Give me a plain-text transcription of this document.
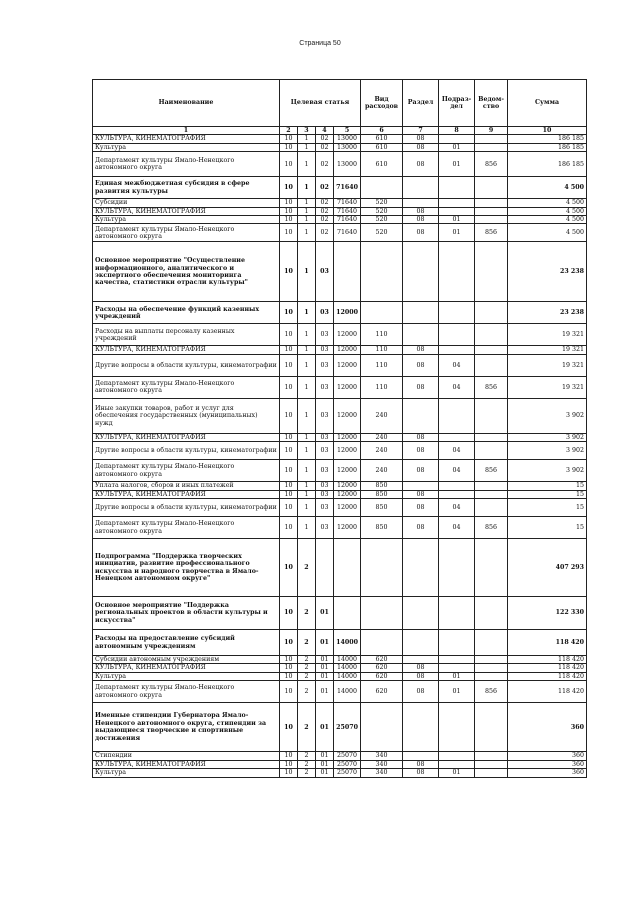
Страница 50
Наименование	Целевая статья				Вид расходов	Раздел	Подраз-дел	Ведом-ство	Сумма
1	2	3	4	5	6	7	8	9	10
КУЛЬТУРА, КИНЕМАТОГРАФИЯ	10	1	02	13000	610	08			186 185
Культура	10	1	02	13000	610	08	01		186 185
Департамент культуры Ямало-Ненецкого автономного округа	10	1	02	13000	610	08	01	856	186 185
Единая межбюджетная субсидия в сфере развития культуры	10	1	02	71640					4 500
Субсидии	10	1	02	71640	520				4 500
КУЛЬТУРА, КИНЕМАТОГРАФИЯ	10	1	02	71640	520	08			4 500
Культура	10	1	02	71640	520	08	01		4 500
Департамент культуры Ямало-Ненецкого автономного округа	10	1	02	71640	520	08	01	856	4 500
Основное мероприятие "Осуществление информационного, аналитического и экспертного обеспечения мониторинга качества, статистики отрасли культуры"	10	1	03						23 238
Расходы на обеспечение функций казенных учреждений	10	1	03	12000					23 238
Расходы на выплаты персоналу казенных учреждений	10	1	03	12000	110				19 321
КУЛЬТУРА, КИНЕМАТОГРАФИЯ	10	1	03	12000	110	08			19 321
Другие вопросы в области культуры, кинематографии	10	1	03	12000	110	08	04		19 321
Департамент культуры Ямало-Ненецкого автономного округа	10	1	03	12000	110	08	04	856	19 321
Иные закупки товаров, работ и услуг для обеспечения государственных (муниципальных) нужд	10	1	03	12000	240				3 902
КУЛЬТУРА, КИНЕМАТОГРАФИЯ	10	1	03	12000	240	08			3 902
Другие вопросы в области культуры, кинематографии	10	1	03	12000	240	08	04		3 902
Департамент культуры Ямало-Ненецкого автономного округа	10	1	03	12000	240	08	04	856	3 902
Уплата налогов, сборов и иных платежей	10	1	03	12000	850				15
КУЛЬТУРА, КИНЕМАТОГРАФИЯ	10	1	03	12000	850	08			15
Другие вопросы в области культуры, кинематографии	10	1	03	12000	850	08	04		15
Департамент культуры Ямало-Ненецкого автономного округа	10	1	03	12000	850	08	04	856	15
Подпрограмма "Поддержка творческих инициатив, развитие профессионального искусства и народного творчества в Ямало-Ненецком автономном округе"	10	2							407 293
Основное мероприятие "Поддержка региональных проектов в области культуры и искусства"	10	2	01						122 330
Расходы на предоставление субсидий автономным учреждениям	10	2	01	14000					118 420
Субсидии автономным учреждениям	10	2	01	14000	620				118 420
КУЛЬТУРА, КИНЕМАТОГРАФИЯ	10	2	01	14000	620	08			118 420
Культура	10	2	01	14000	620	08	01		118 420
Департамент культуры Ямало-Ненецкого автономного округа	10	2	01	14000	620	08	01	856	118 420
Именные стипендии Губернатора Ямало-Ненецкого автономного округа, стипендии за выдающиеся творческие и спортивные достижения	10	2	01	25070					360
Стипендии	10	2	01	25070	340				360
КУЛЬТУРА, КИНЕМАТОГРАФИЯ	10	2	01	25070	340	08			360
Культура	10	2	01	25070	340	08	01		360
